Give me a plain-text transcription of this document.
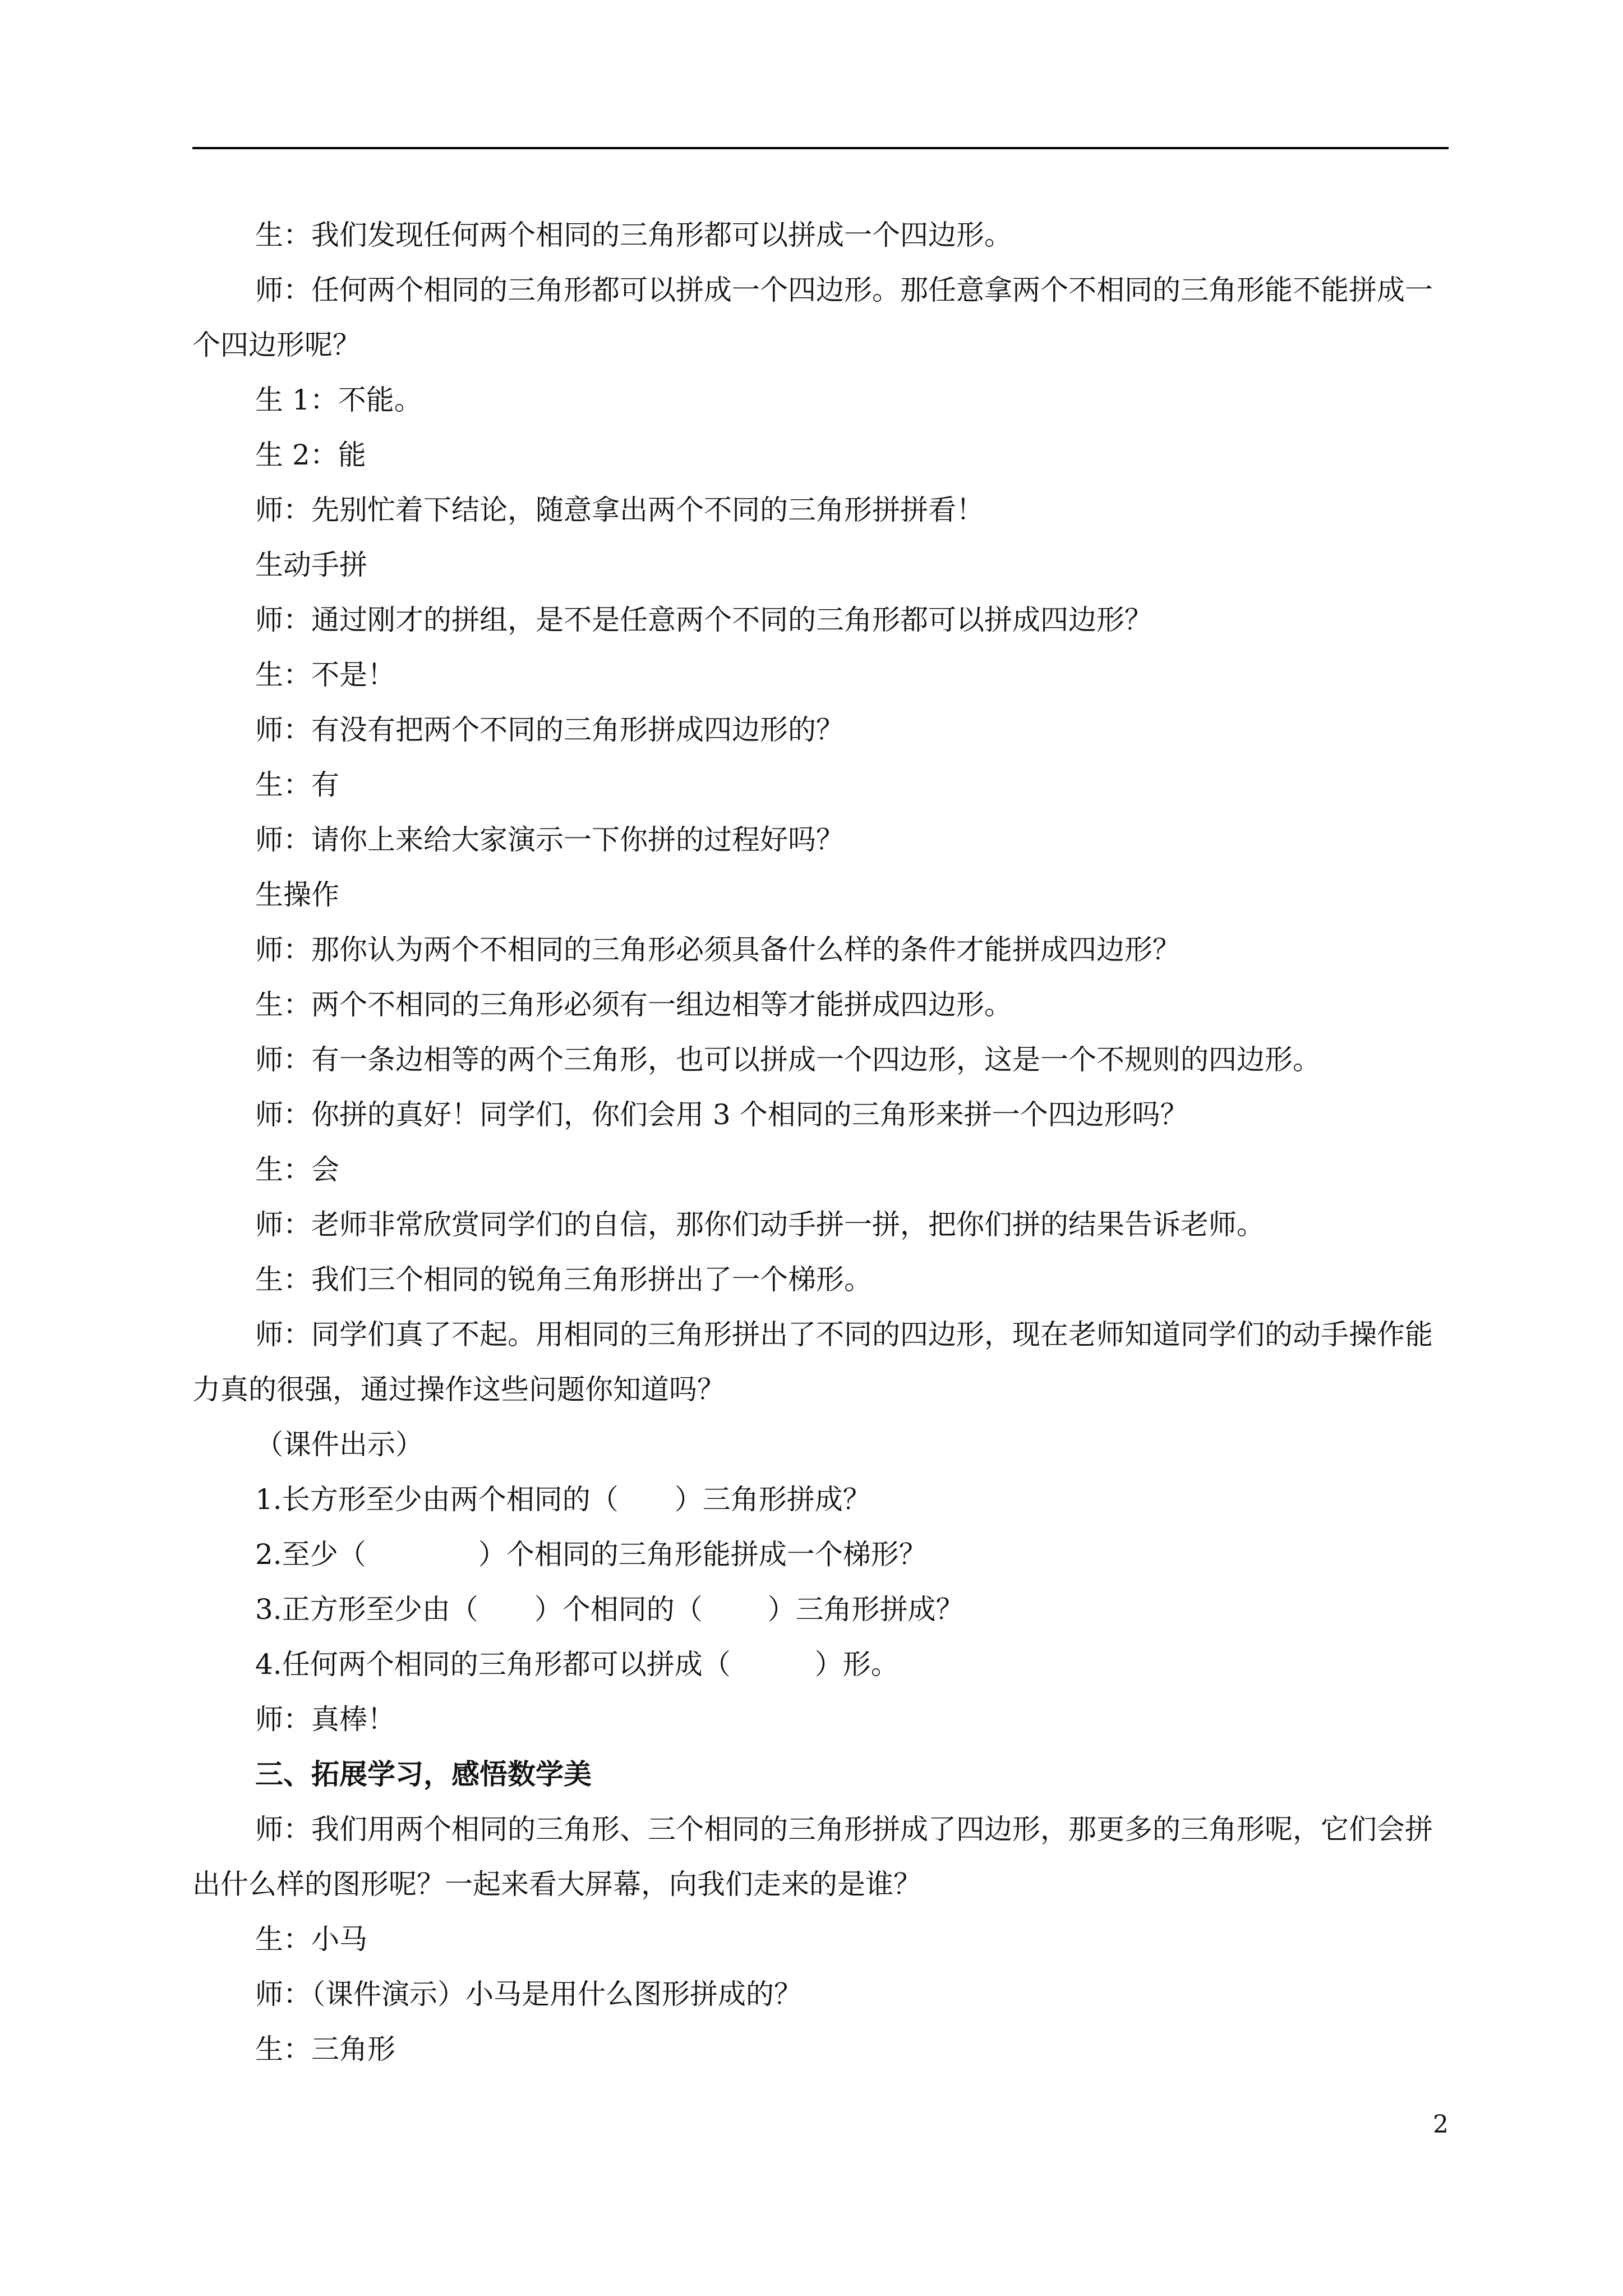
生：我们发现任何两个相同的三角形都可以拼成一个四边形。

师：任何两个相同的三角形都可以拼成一个四边形。那任意拿两个不相同的三角形能不能拼成一个四边形呢？

生 1：不能。

生 2：能

师：先别忙着下结论，随意拿出两个不同的三角形拼拼看！

生动手拼

师：通过刚才的拼组，是不是任意两个不同的三角形都可以拼成四边形？

生：不是！

师：有没有把两个不同的三角形拼成四边形的？

生：有

师：请你上来给大家演示一下你拼的过程好吗？

生操作

师：那你认为两个不相同的三角形必须具备什么样的条件才能拼成四边形？

生：两个不相同的三角形必须有一组边相等才能拼成四边形。

师：有一条边相等的两个三角形，也可以拼成一个四边形，这是一个不规则的四边形。

师：你拼的真好！同学们，你们会用 3 个相同的三角形来拼一个四边形吗？

生：会

师：老师非常欣赏同学们的自信，那你们动手拼一拼，把你们拼的结果告诉老师。

生：我们三个相同的锐角三角形拼出了一个梯形。

师：同学们真了不起。用相同的三角形拼出了不同的四边形，现在老师知道同学们的动手操作能力真的很强，通过操作这些问题你知道吗？

（课件出示）

1.长方形至少由两个相同的（　　）三角形拼成？

2.至少（　　　　）个相同的三角形能拼成一个梯形？

3.正方形至少由（　　）个相同的（　　 ）三角形拼成？

4.任何两个相同的三角形都可以拼成（　　　）形。

师：真棒！

三、拓展学习，感悟数学美

师：我们用两个相同的三角形、三个相同的三角形拼成了四边形，那更多的三角形呢，它们会拼出什么样的图形呢？一起来看大屏幕，向我们走来的是谁？

生：小马

师：（课件演示）小马是用什么图形拼成的？

生：三角形

2
